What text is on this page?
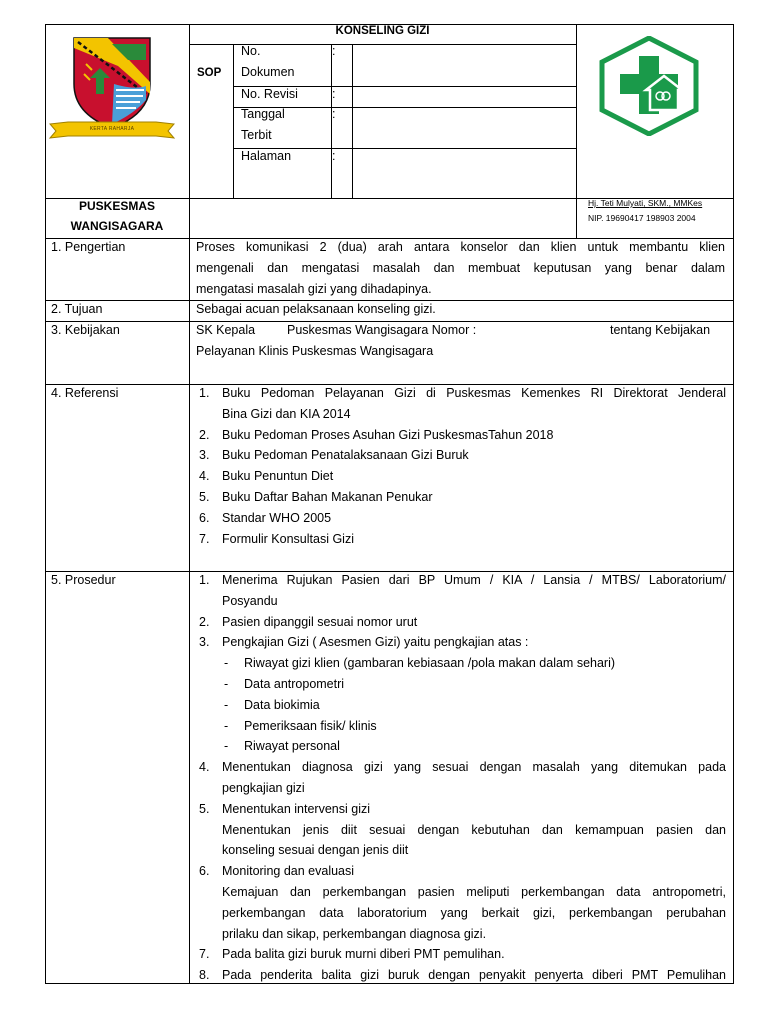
KERTA RAHARJA
KONSELING GIZI
SOP
No.
Dokumen
:
No. Revisi	:
Tanggal
Terbit
:
Halaman	:
PUSKESMAS
WANGISAGARA
Hj. Teti Mulyati, SKM., MMKes
NIP. 19690417 198903 2004
1. Pengertian	Proses komunikasi 2 (dua) arah antara konselor dan klien untuk membantu klien
mengenali dan mengatasi masalah dan membuat keputusan yang benar dalam
mengatasi masalah gizi yang dihadapinya.
2. Tujuan	Sebagai acuan pelaksanaan konseling gizi.
3. Kebijakan	SK Kepala	Puskesmas Wangisagara Nomor :	tentang Kebijakan
Pelayanan Klinis Puskesmas Wangisagara
4. Referensi	1. Buku Pedoman Pelayanan Gizi di Puskesmas Kemenkes RI Direktorat Jenderal
Bina Gizi dan KIA 2014
2. Buku Pedoman Proses Asuhan Gizi PuskesmasTahun 2018
3. Buku Pedoman Penatalaksanaan Gizi Buruk
4. Buku Penuntun Diet
5. Buku Daftar Bahan Makanan Penukar
6. Standar WHO 2005
7. Formulir Konsultasi Gizi
5. Prosedur	1. Menerima Rujukan Pasien dari BP Umum / KIA / Lansia / MTBS/ Laboratorium/
Posyandu
2. Pasien dipanggil sesuai nomor urut
3. Pengkajian Gizi ( Asesmen Gizi) yaitu pengkajian atas :
- Riwayat gizi klien (gambaran kebiasaan /pola makan dalam sehari)
- Data antropometri
- Data biokimia
- Pemeriksaan fisik/ klinis
- Riwayat personal
4. Menentukan diagnosa gizi yang sesuai dengan masalah yang ditemukan pada
pengkajian gizi
5. Menentukan intervensi gizi
Menentukan jenis diit sesuai dengan kebutuhan dan kemampuan pasien dan
konseling sesuai dengan jenis diit
6. Monitoring dan evaluasi
Kemajuan dan perkembangan pasien meliputi perkembangan data antropometri,
perkembangan data laboratorium yang berkait gizi, perkembangan perubahan
prilaku dan sikap, perkembangan diagnosa gizi.
7. Pada balita gizi buruk murni diberi PMT pemulihan.
8. Pada penderita balita gizi buruk dengan penyakit penyerta diberi PMT Pemulihan
